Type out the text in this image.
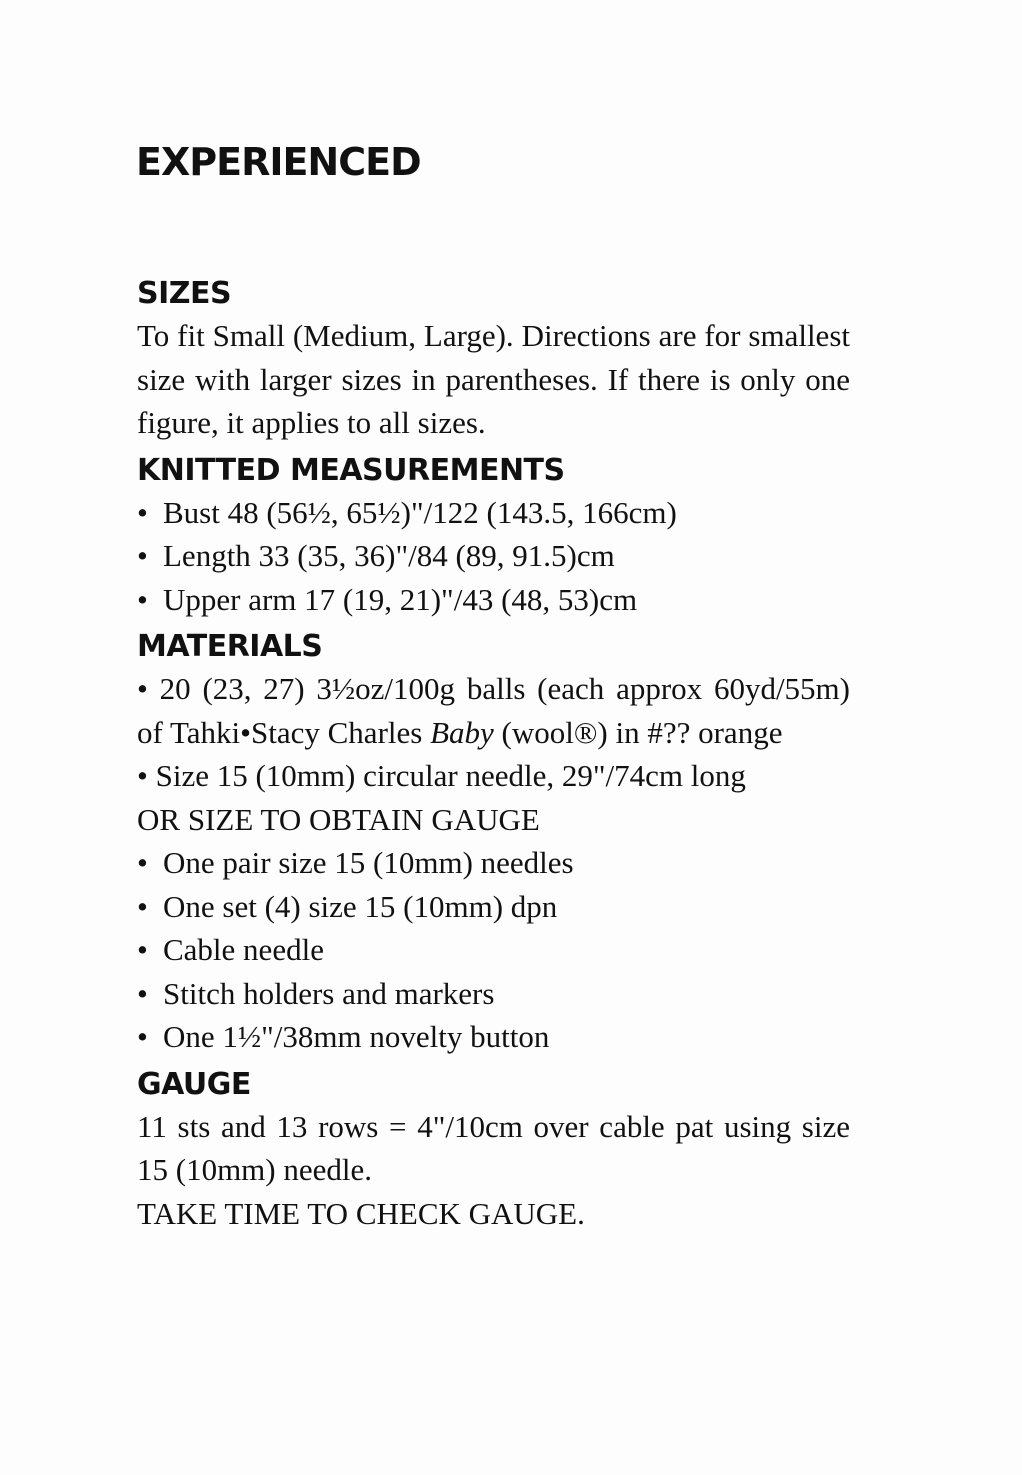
EXPERIENCED
SIZES

To fit Small (Medium, Large). Directions are for smallest size with larger sizes in parentheses. If there is only one figure, it applies to all sizes.

KNITTED MEASUREMENTS
• Bust 48 (56½, 65½)"/122 (143.5, 166cm)
• Length 33 (35, 36)"/84 (89, 91.5)cm
• Upper arm 17 (19, 21)"/43 (48, 53)cm
MATERIALS

• 20 (23, 27) 3½oz/100g balls (each approx 60yd/55m) of Tahki•Stacy Charles Baby (wool®) in #?? orange

• Size 15 (10mm) circular needle, 29"/74cm long

OR SIZE TO OBTAIN GAUGE

• One pair size 15 (10mm) needles
• One set (4) size 15 (10mm) dpn
• Cable needle
• Stitch holders and markers
• One 1½"/38mm novelty button
GAUGE

11 sts and 13 rows = 4"/10cm over cable pat using size 15 (10mm) needle.

TAKE TIME TO CHECK GAUGE.
